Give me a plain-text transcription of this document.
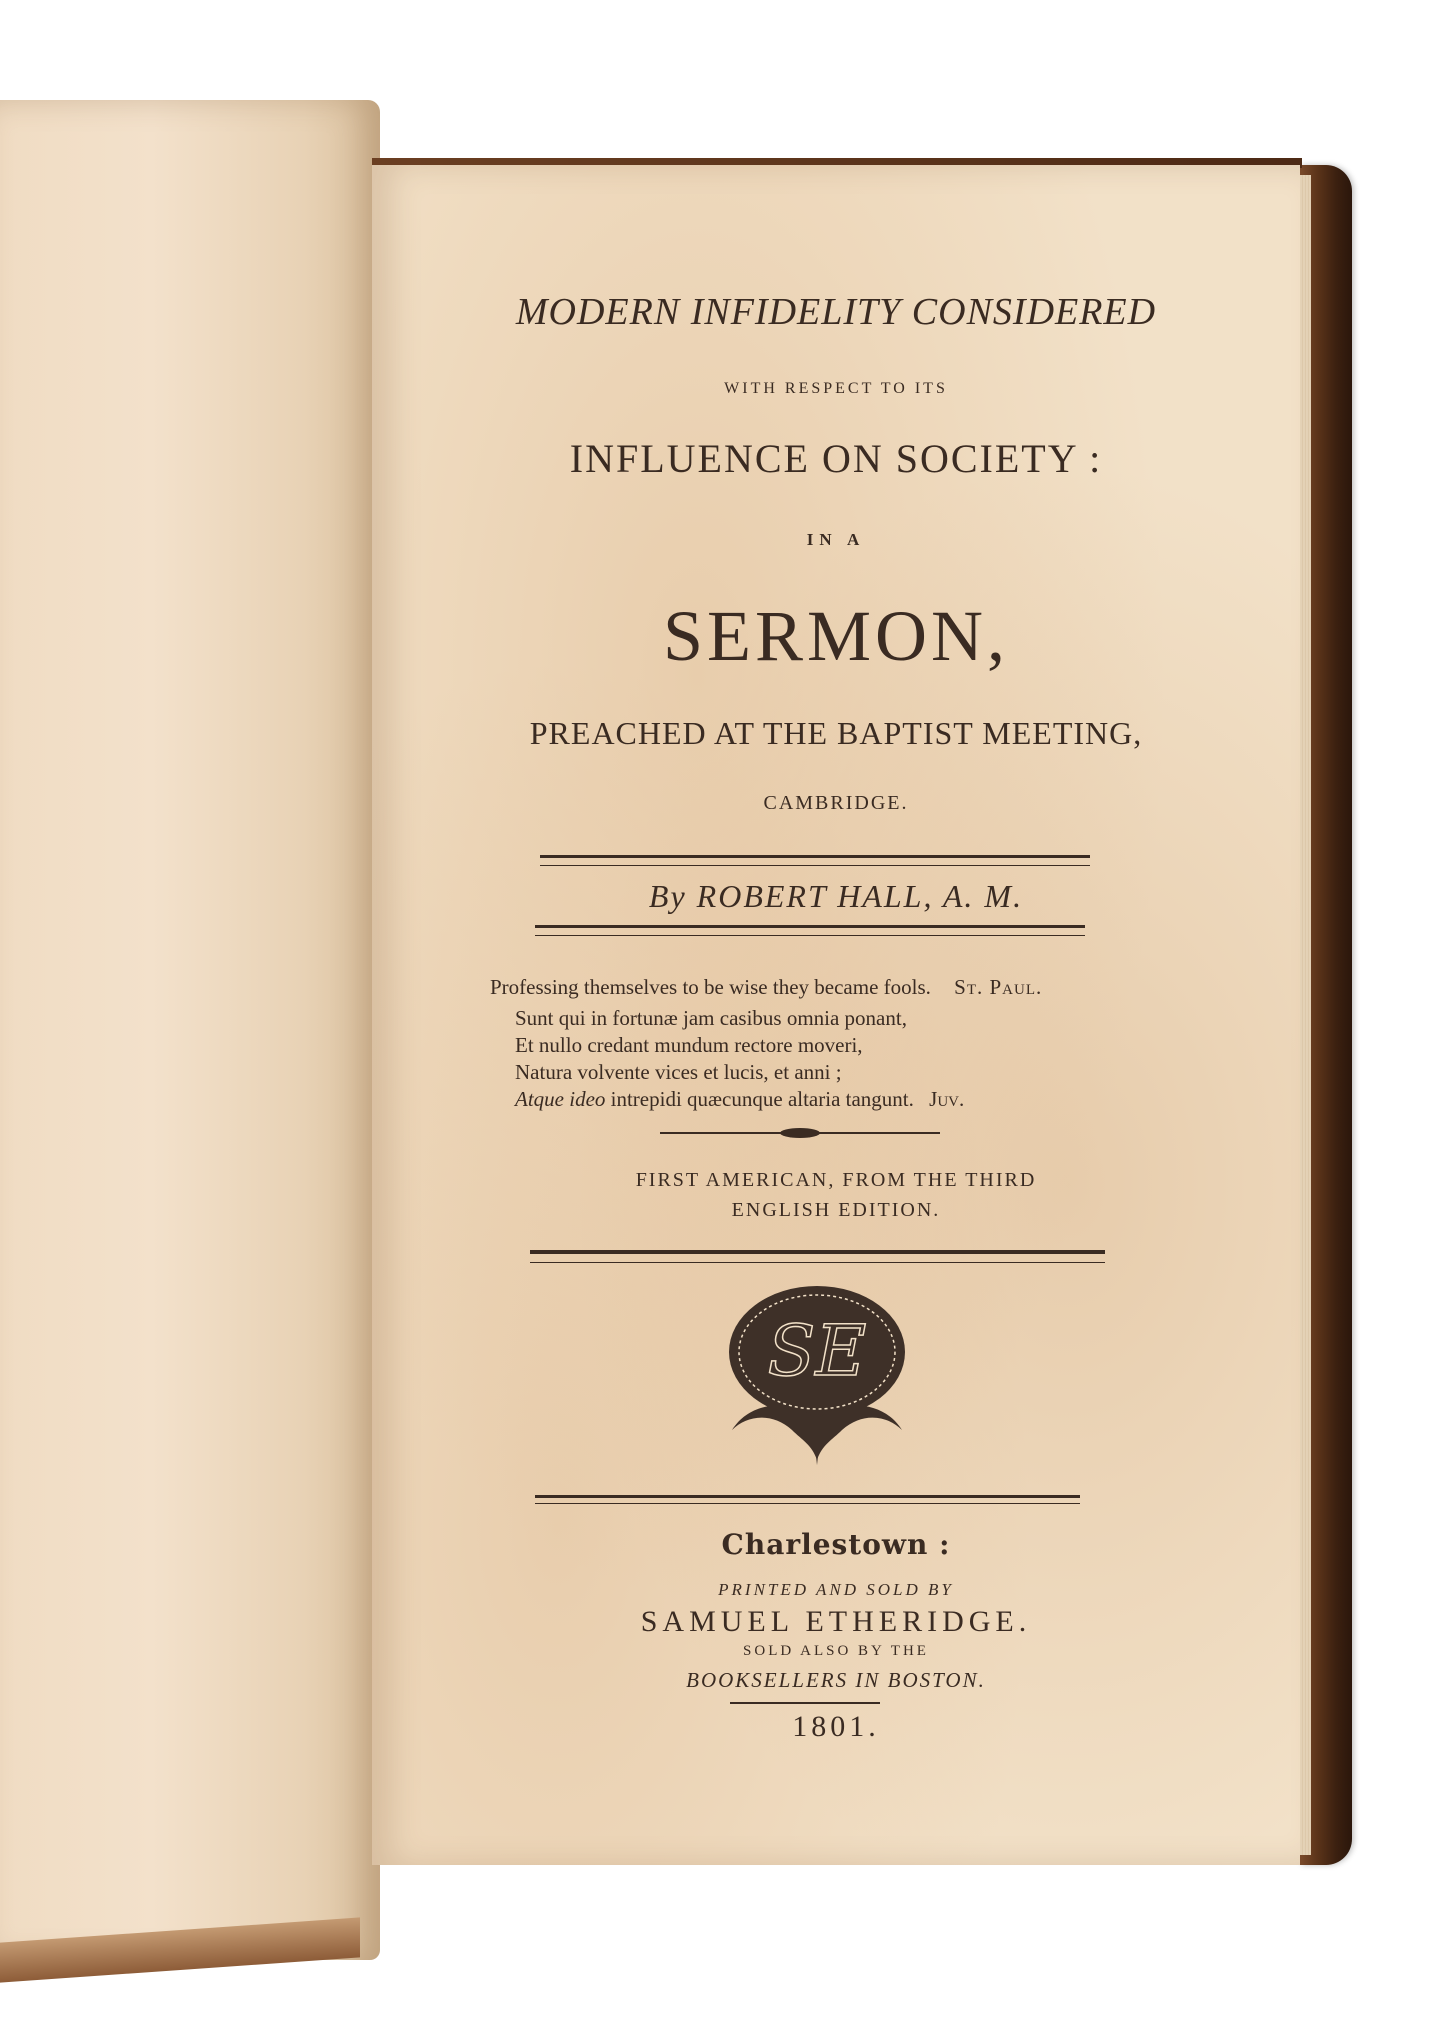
MODERN INFIDELITY CONSIDERED
WITH RESPECT TO ITS
INFLUENCE ON SOCIETY :
IN A
SERMON,
PREACHED AT THE BAPTIST MEETING,
CAMBRIDGE.
By ROBERT HALL, A. M.
Professing themselves to be wise they became fools. St. Paul.
Sunt qui in fortunæ jam casibus omnia ponant,
Et nullo credant mundum rectore moveri,
Natura volvente vices et lucis, et anni ;
Atque ideo intrepidi quæcunque altaria tangunt. Juv.
FIRST AMERICAN, FROM THE THIRD
ENGLISH EDITION.
SE
Charlestown :
PRINTED AND SOLD BY
SAMUEL ETHERIDGE.
SOLD ALSO BY THE
BOOKSELLERS IN BOSTON.
1801.
